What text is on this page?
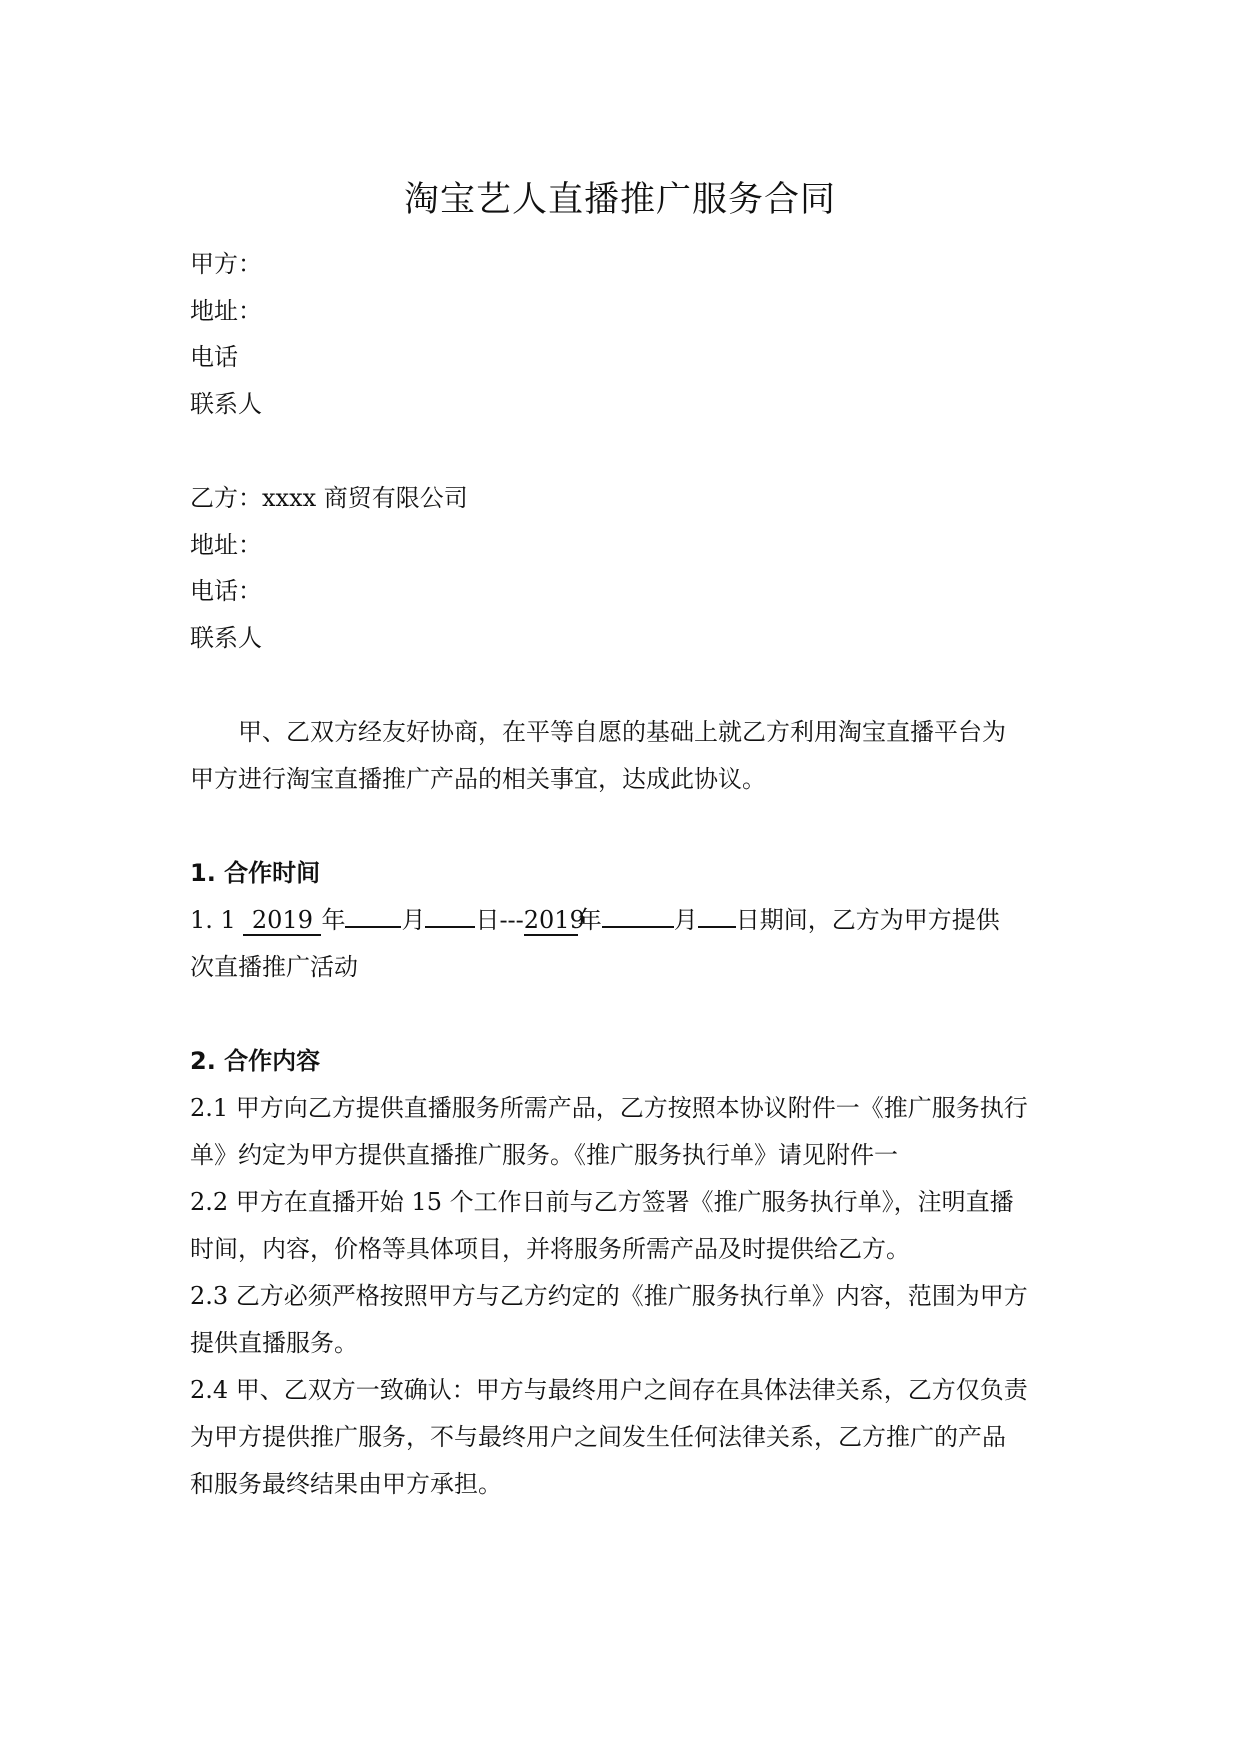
淘宝艺人直播推广服务合同
甲方：
地址：
电话
联系人
乙方：xxxx 商贸有限公司
地址：
电话：
联系人
甲、乙双方经友好协商，在平等自愿的基础上就乙方利用淘宝直播平台为
甲方进行淘宝直播推广产品的相关事宜，达成此协议。
1. 合作时间
1. 1 2019 年 月 日---2019年	月 日期间，乙方为甲方提供
次直播推广活动
2. 合作内容
2.1 甲方向乙方提供直播服务所需产品，乙方按照本协议附件一《推广服务执行
单》约定为甲方提供直播推广服务。《推广服务执行单》请见附件一
2.2 甲方在直播开始 15 个工作日前与乙方签署《推广服务执行单》，注明直播
时间，内容，价格等具体项目，并将服务所需产品及时提供给乙方。
2.3 乙方必须严格按照甲方与乙方约定的《推广服务执行单》内容，范围为甲方
提供直播服务。
2.4 甲、乙双方一致确认：甲方与最终用户之间存在具体法律关系，乙方仅负责
为甲方提供推广服务，不与最终用户之间发生任何法律关系，乙方推广的产品
和服务最终结果由甲方承担。
